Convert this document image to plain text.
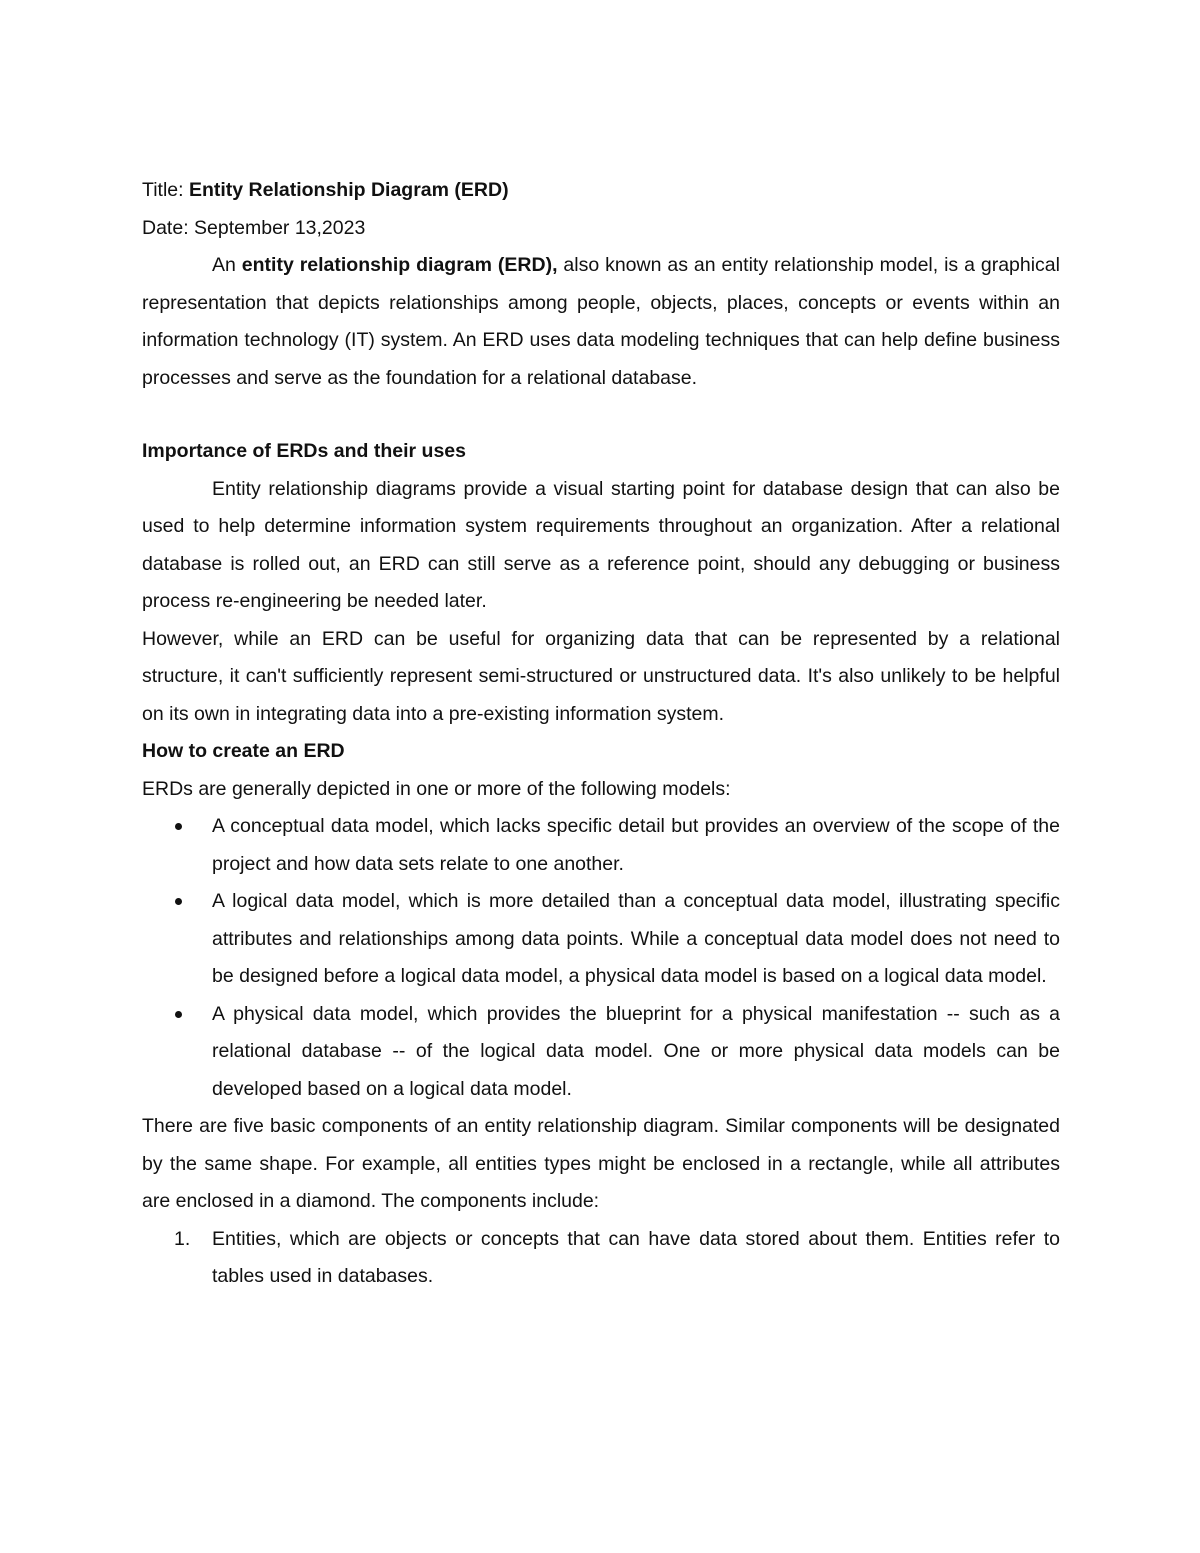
Title: Entity Relationship Diagram (ERD)

Date: September 13,2023

An entity relationship diagram (ERD), also known as an entity relationship model, is a graphical representation that depicts relationships among people, objects, places, concepts or events within an information technology (IT) system. An ERD uses data modeling techniques that can help define business processes and serve as the foundation for a relational database.

Importance of ERDs and their uses

Entity relationship diagrams provide a visual starting point for database design that can also be used to help determine information system requirements throughout an organization. After a relational database is rolled out, an ERD can still serve as a reference point, should any debugging or business process re-engineering be needed later.

However, while an ERD can be useful for organizing data that can be represented by a relational structure, it can't sufficiently represent semi-structured or unstructured data. It's also unlikely to be helpful on its own in integrating data into a pre-existing information system.

How to create an ERD

ERDs are generally depicted in one or more of the following models:

A conceptual data model, which lacks specific detail but provides an overview of the scope of the project and how data sets relate to one another.
A logical data model, which is more detailed than a conceptual data model, illustrating specific attributes and relationships among data points. While a conceptual data model does not need to be designed before a logical data model, a physical data model is based on a logical data model.
A physical data model, which provides the blueprint for a physical manifestation -- such as a relational database -- of the logical data model. One or more physical data models can be developed based on a logical data model.

There are five basic components of an entity relationship diagram. Similar components will be designated by the same shape. For example, all entities types might be enclosed in a rectangle, while all attributes are enclosed in a diamond. The components include:

1. Entities, which are objects or concepts that can have data stored about them. Entities refer to tables used in databases.
